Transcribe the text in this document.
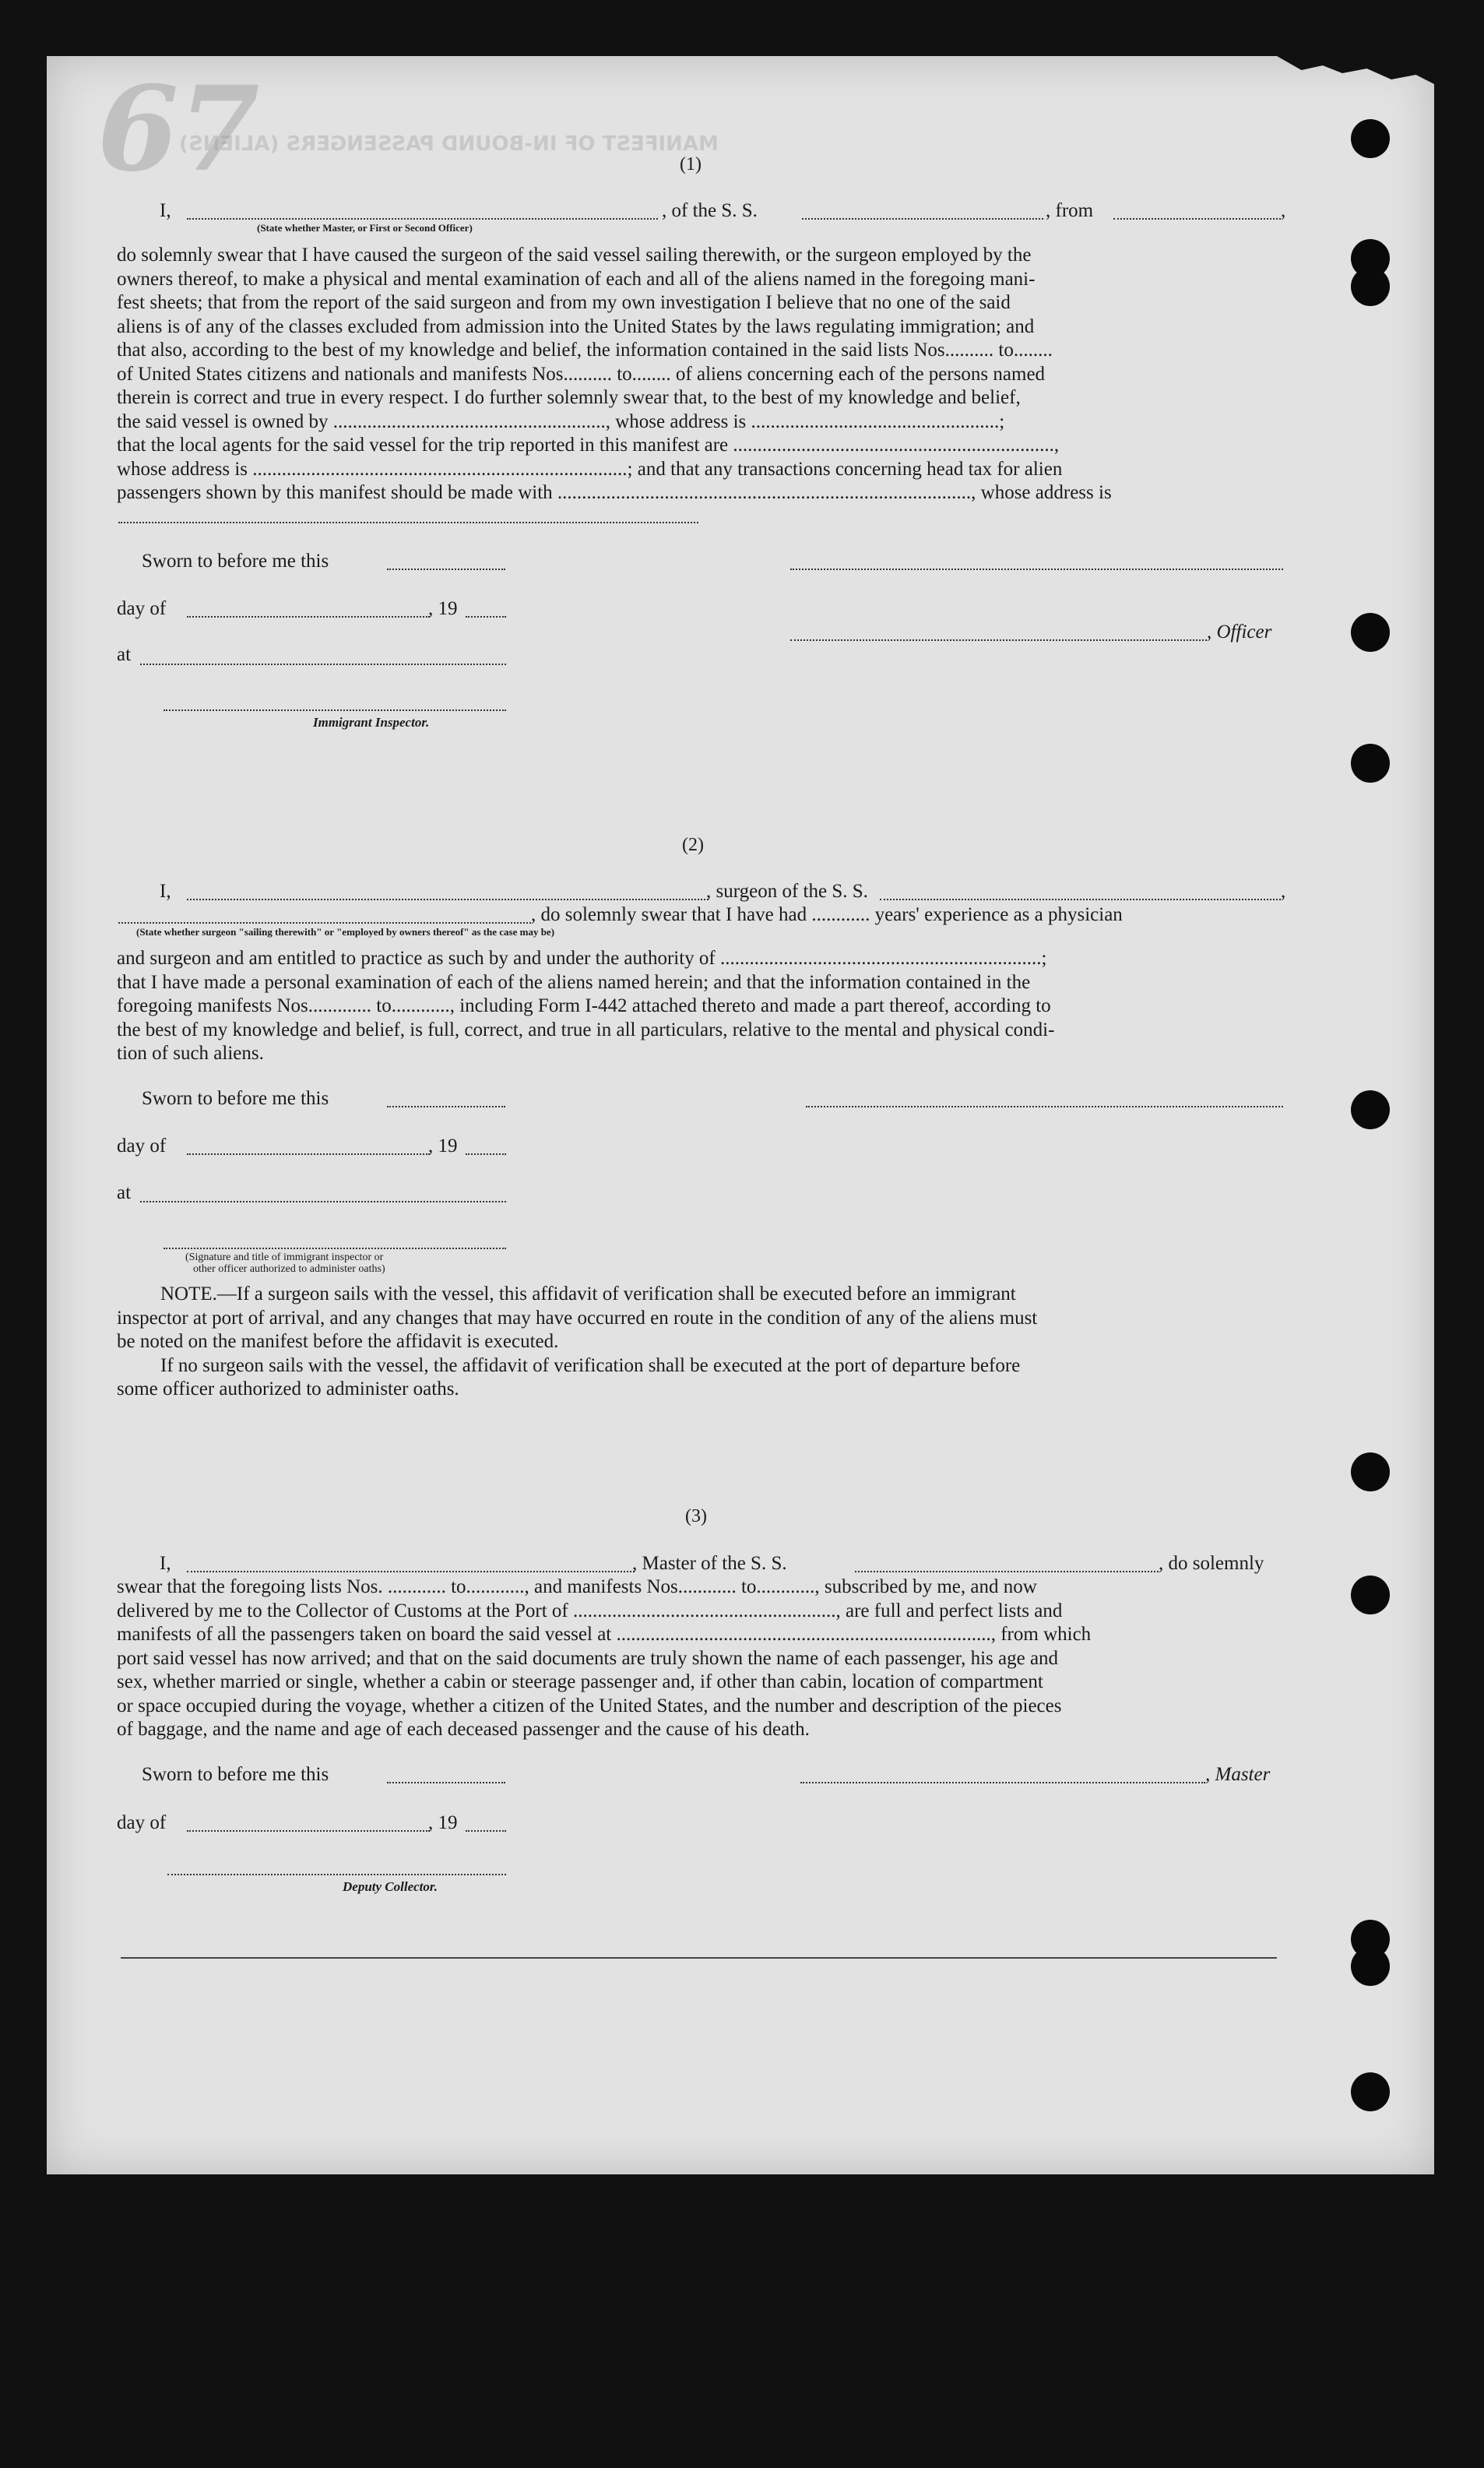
67
MANIFEST OF IN-BOUND PASSENGERS (ALIENS)
(1)
I,	, of the S. S.	, from	,
(State whether Master, or First or Second Officer)
do solemnly swear that I have caused the surgeon of the said vessel sailing therewith, or the surgeon employed by the
owners thereof, to make a physical and mental examination of each and all of the aliens named in the foregoing mani-
fest sheets; that from the report of the said surgeon and from my own investigation I believe that no one of the said
aliens is of any of the classes excluded from admission into the United States by the laws regulating immigration; and
that also, according to the best of my knowledge and belief, the information contained in the said lists Nos.......... to........
of United States citizens and nationals and manifests Nos.......... to........ of aliens concerning each of the persons named
therein is correct and true in every respect. I do further solemnly swear that, to the best of my knowledge and belief,
the said vessel is owned by ........................................................, whose address is ...................................................;
that the local agents for the said vessel for the trip reported in this manifest are ..................................................................,
whose address is .............................................................................; and that any transactions concerning head tax for alien
passengers shown by this manifest should be made with ....................................................................................., whose address is
Sworn to before me this
day of	, 19
, Officer
at
Immigrant Inspector.
(2)
I,	, surgeon of the S. S.	,
, do solemnly swear that I have had ............ years' experience as a physician
(State whether surgeon "sailing therewith" or "employed by owners thereof" as the case may be)
and surgeon and am entitled to practice as such by and under the authority of ..................................................................;
that I have made a personal examination of each of the aliens named herein; and that the information contained in the
foregoing manifests Nos............. to............, including Form I-442 attached thereto and made a part thereof, according to
the best of my knowledge and belief, is full, correct, and true in all particulars, relative to the mental and physical condi-
tion of such aliens.
Sworn to before me this
day of	, 19
at
(Signature and title of immigrant inspector or
other officer authorized to administer oaths)
NOTE.—If a surgeon sails with the vessel, this affidavit of verification shall be executed before an immigrant
inspector at port of arrival, and any changes that may have occurred en route in the condition of any of the aliens must
be noted on the manifest before the affidavit is executed.
If no surgeon sails with the vessel, the affidavit of verification shall be executed at the port of departure before
some officer authorized to administer oaths.
(3)
I,	, Master of the S. S.	, do solemnly
swear that the foregoing lists Nos. ............ to............, and manifests Nos............ to............, subscribed by me, and now
delivered by me to the Collector of Customs at the Port of ......................................................, are full and perfect lists and
manifests of all the passengers taken on board the said vessel at ............................................................................., from which
port said vessel has now arrived; and that on the said documents are truly shown the name of each passenger, his age and
sex, whether married or single, whether a cabin or steerage passenger and, if other than cabin, location of compartment
or space occupied during the voyage, whether a citizen of the United States, and the number and description of the pieces
of baggage, and the name and age of each deceased passenger and the cause of his death.
Sworn to before me this	, Master
day of	, 19
Deputy Collector.
